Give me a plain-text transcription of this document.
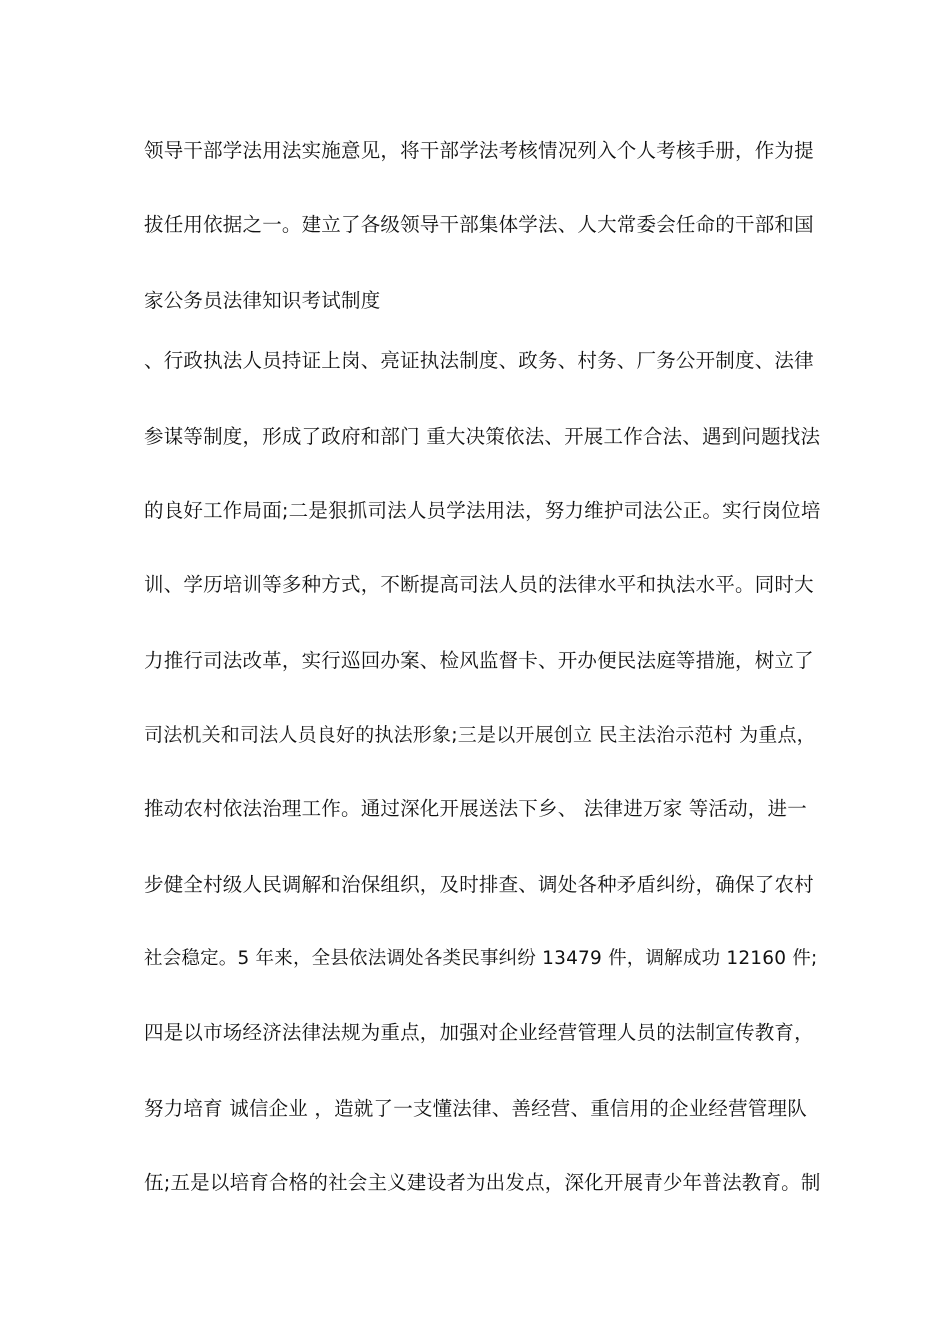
领导干部学法用法实施意见，将干部学法考核情况列入个人考核手册，作为提
拔任用依据之一。建立了各级领导干部集体学法、人大常委会任命的干部和国
家公务员法律知识考试制度
、行政执法人员持证上岗、亮证执法制度、政务、村务、厂务公开制度、法律
参谋等制度，形成了政府和部门 重大决策依法、开展工作合法、遇到问题找法
的良好工作局面;二是狠抓司法人员学法用法，努力维护司法公正。实行岗位培
训、学历培训等多种方式，不断提高司法人员的法律水平和执法水平。同时大
力推行司法改革，实行巡回办案、检风监督卡、开办便民法庭等措施，树立了
司法机关和司法人员良好的执法形象;三是以开展创立 民主法治示范村 为重点，
推动农村依法治理工作。通过深化开展送法下乡、 法律进万家 等活动，进一
步健全村级人民调解和治保组织，及时排查、调处各种矛盾纠纷，确保了农村
社会稳定。5 年来，全县依法调处各类民事纠纷 13479 件，调解成功 12160 件;
四是以市场经济法律法规为重点，加强对企业经营管理人员的法制宣传教育，
努力培育 诚信企业 ，造就了一支懂法律、善经营、重信用的企业经营管理队
伍;五是以培育合格的社会主义建设者为出发点，深化开展青少年普法教育。制
